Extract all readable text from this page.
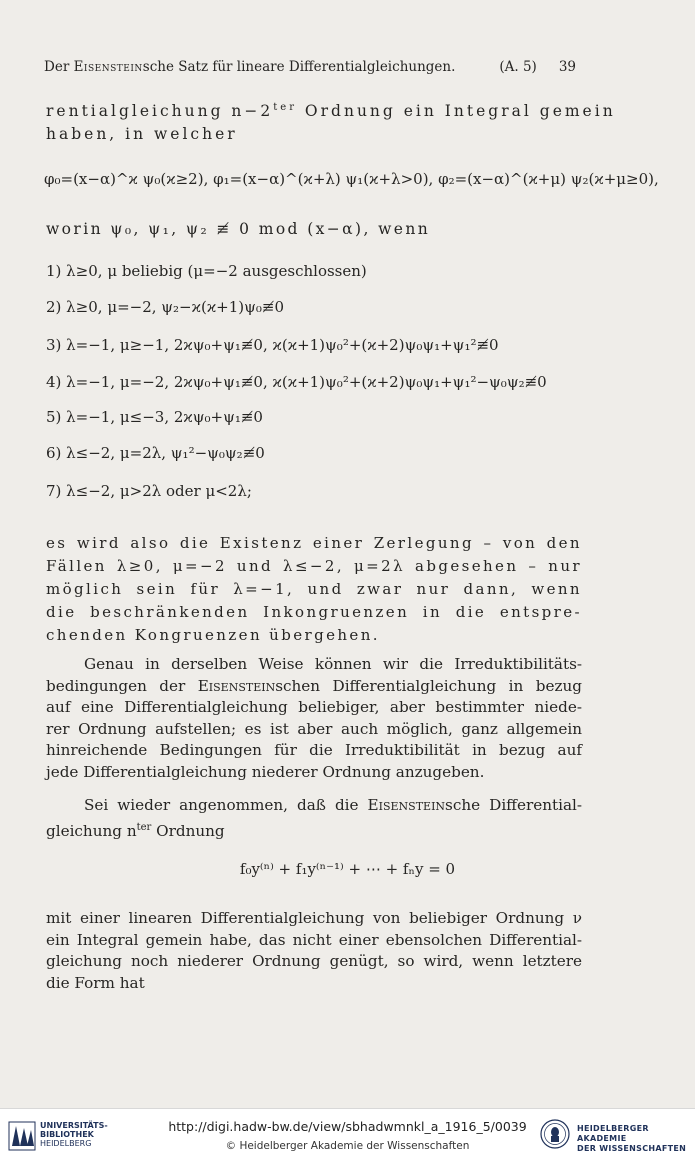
Der Eisensteinsche Satz für lineare Differentialgleichungen.	(A. 5) 39
rentialgleichung $n-2^{ter}$ Ordnung ein Integral gemein
haben, in welcher
φ₀=(x−α)^ϰ ψ₀(ϰ≥2), φ₁=(x−α)^(ϰ+λ) ψ₁(ϰ+λ>0), φ₂=(x−α)^(ϰ+μ) ψ₂(ϰ+μ≥0),
worin ψ₀, ψ₁, ψ₂ ≢ 0 mod (x−α), wenn
1) λ≥0, μ beliebig (μ=−2 ausgeschlossen)
2) λ≥0, μ=−2, ψ₂−ϰ(ϰ+1)ψ₀≢0
3) λ=−1, μ≥−1, 2ϰψ₀+ψ₁≢0, ϰ(ϰ+1)ψ₀²+(ϰ+2)ψ₀ψ₁+ψ₁²≢0
4) λ=−1, μ=−2, 2ϰψ₀+ψ₁≢0, ϰ(ϰ+1)ψ₀²+(ϰ+2)ψ₀ψ₁+ψ₁²−ψ₀ψ₂≢0
5) λ=−1, μ≤−3, 2ϰψ₀+ψ₁≢0
6) λ≤−2, μ=2λ, ψ₁²−ψ₀ψ₂≢0
7) λ≤−2, μ>2λ oder μ<2λ;
es wird also die Existenz einer Zerlegung – von den
Fällen λ≥0, μ=−2 und λ≤−2, μ=2λ abgesehen – nur
möglich sein für λ=−1, und zwar nur dann, wenn
die beschränkenden Inkongruenzen in die entspre-
chenden Kongruenzen übergehen.
Genau in derselben Weise können wir die Irreduktibilitäts-
bedingungen der Eisensteinschen Differentialgleichung in bezug
auf eine Differentialgleichung beliebiger, aber bestimmter niede-
rer Ordnung aufstellen; es ist aber auch möglich, ganz allgemein
hinreichende Bedingungen für die Irreduktibilität in bezug auf
jede Differentialgleichung niederer Ordnung anzugeben.
Sei wieder angenommen, daß die Eisensteinsche Differential-
gleichung $n^{ter}$ Ordnung
f₀y⁽ⁿ⁾ + f₁y⁽ⁿ⁻¹⁾ + ⋯ + fₙy = 0
mit einer linearen Differentialgleichung von beliebiger Ordnung ν
ein Integral gemein habe, das nicht einer ebensolchen Differential-
gleichung noch niederer Ordnung genügt, so wird, wenn letztere
die Form hat
UNIVERSITÄTS-
BIBLIOTHEK
HEIDELBERG
http://digi.hadw-bw.de/view/sbhadwmnkl_a_1916_5/0039
© Heidelberger Akademie der Wissenschaften
HEIDELBERGER AKADEMIE
DER WISSENSCHAFTEN
